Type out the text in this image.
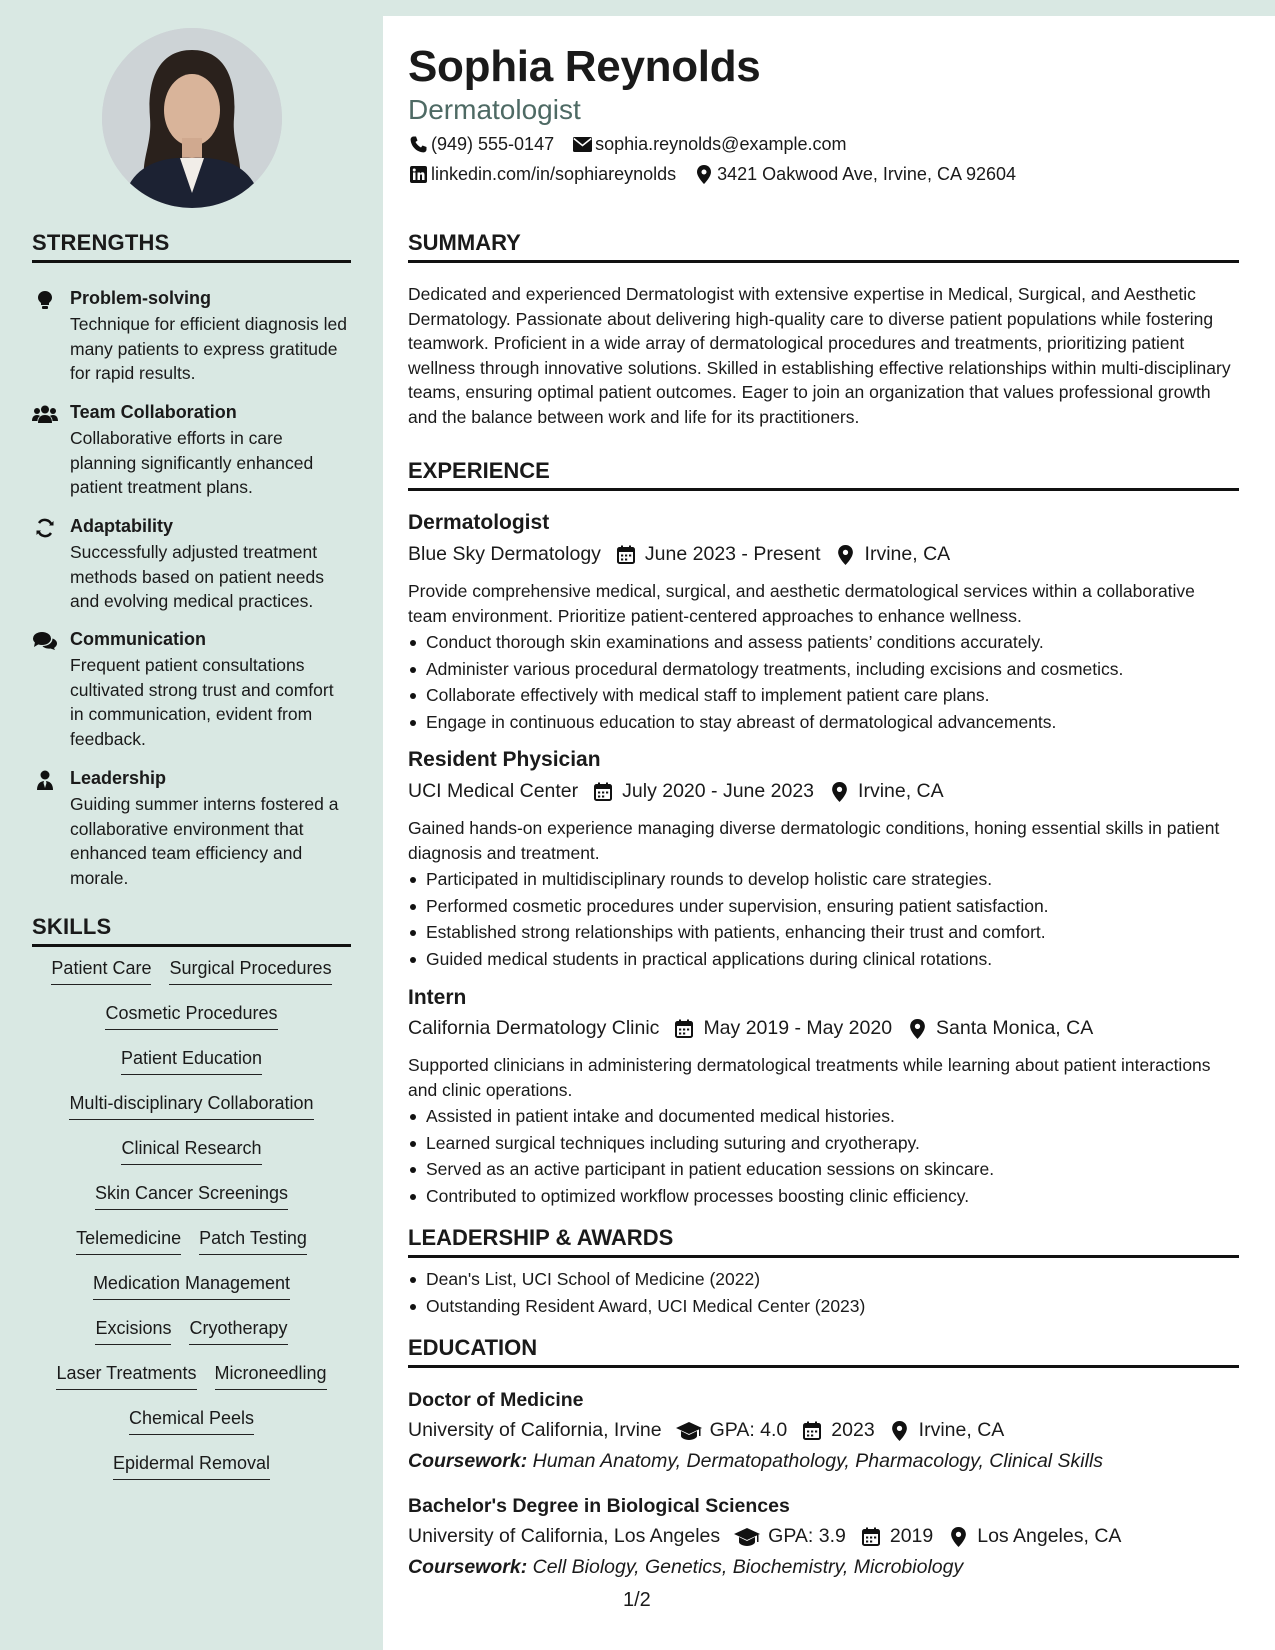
STRENGTHS
Problem-solving
Technique for efficient diagnosis led many patients to express gratitude for rapid results.
Team Collaboration
Collaborative efforts in care planning significantly enhanced patient treatment plans.
Adaptability
Successfully adjusted treatment methods based on patient needs and evolving medical practices.
Communication
Frequent patient consultations cultivated strong trust and comfort in communication, evident from feedback.
Leadership
Guiding summer interns fostered a collaborative environment that enhanced team efficiency and morale.
SKILLS
Patient Care Surgical Procedures
Cosmetic Procedures
Patient Education
Multi-disciplinary Collaboration
Clinical Research
Skin Cancer Screenings
Telemedicine Patch Testing
Medication Management
Excisions Cryotherapy
Laser Treatments Microneedling
Chemical Peels
Epidermal Removal
Sophia Reynolds
Dermatologist
(949) 555-0147 sophia.reynolds@example.com
linkedin.com/in/sophiareynolds 3421 Oakwood Ave, Irvine, CA 92604
SUMMARY
Dedicated and experienced Dermatologist with extensive expertise in Medical, Surgical, and Aesthetic Dermatology. Passionate about delivering high-quality care to diverse patient populations while fostering teamwork. Proficient in a wide array of dermatological procedures and treatments, prioritizing patient wellness through innovative solutions. Skilled in establishing effective relationships within multi-disciplinary teams, ensuring optimal patient outcomes. Eager to join an organization that values professional growth and the balance between work and life for its practitioners.
EXPERIENCE
Dermatologist
Blue Sky Dermatology June 2023 - Present Irvine, CA
Provide comprehensive medical, surgical, and aesthetic dermatological services within a collaborative team environment. Prioritize patient-centered approaches to enhance wellness.
Conduct thorough skin examinations and assess patients’ conditions accurately.
Administer various procedural dermatology treatments, including excisions and cosmetics.
Collaborate effectively with medical staff to implement patient care plans.
Engage in continuous education to stay abreast of dermatological advancements.
Resident Physician
UCI Medical Center July 2020 - June 2023 Irvine, CA
Gained hands-on experience managing diverse dermatologic conditions, honing essential skills in patient diagnosis and treatment.
Participated in multidisciplinary rounds to develop holistic care strategies.
Performed cosmetic procedures under supervision, ensuring patient satisfaction.
Established strong relationships with patients, enhancing their trust and comfort.
Guided medical students in practical applications during clinical rotations.
Intern
California Dermatology Clinic May 2019 - May 2020 Santa Monica, CA
Supported clinicians in administering dermatological treatments while learning about patient interactions and clinic operations.
Assisted in patient intake and documented medical histories.
Learned surgical techniques including suturing and cryotherapy.
Served as an active participant in patient education sessions on skincare.
Contributed to optimized workflow processes boosting clinic efficiency.
LEADERSHIP & AWARDS
Dean's List, UCI School of Medicine (2022)
Outstanding Resident Award, UCI Medical Center (2023)
EDUCATION
Doctor of Medicine
University of California, Irvine GPA: 4.0 2023 Irvine, CA
Coursework: Human Anatomy, Dermatopathology, Pharmacology, Clinical Skills
Bachelor's Degree in Biological Sciences
University of California, Los Angeles GPA: 3.9 2019 Los Angeles, CA
Coursework: Cell Biology, Genetics, Biochemistry, Microbiology
1/2
